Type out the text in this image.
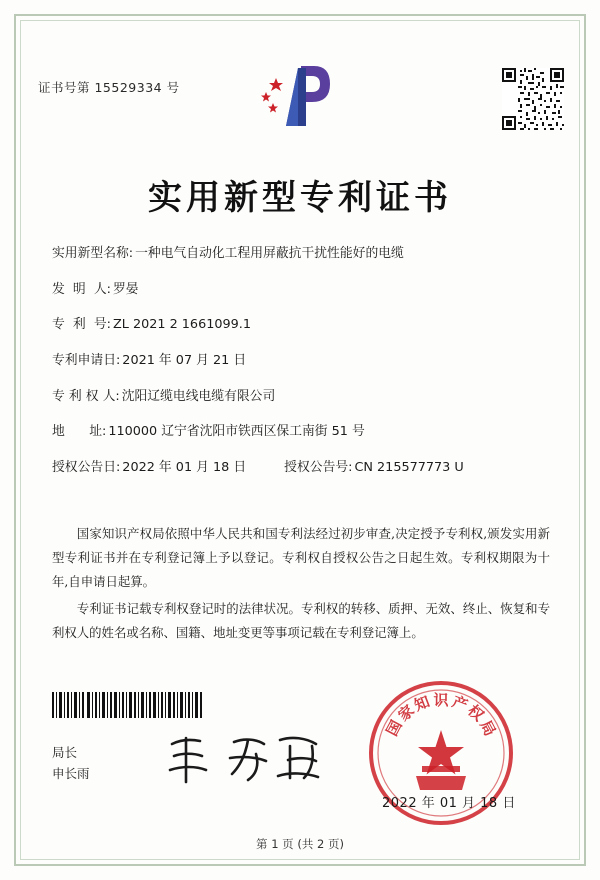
证书号第 15529334 号
实用新型专利证书
实用新型名称: 一种电气自动化工程用屏蔽抗干扰性能好的电缆
发  明  人: 罗晏
专  利  号: ZL 2021 2 1661099.1
专利申请日: 2021 年 07 月 21 日
专 利 权 人: 沈阳辽缆电线电缆有限公司
地      址: 110000 辽宁省沈阳市铁西区保工南街 51 号
授权公告日: 2022 年 01 月 18 日	授权公告号: CN 215577773 U

国家知识产权局依照中华人民共和国专利法经过初步审查,决定授予专利权,颁发实用新型专利证书并在专利登记簿上予以登记。专利权自授权公告之日起生效。专利权期限为十年,自申请日起算。

专利证书记载专利权登记时的法律状况。专利权的转移、质押、无效、终止、恢复和专利权人的姓名或名称、国籍、地址变更等事项记载在专利登记簿上。

局长
申长雨
国
家
知 识 产
权
局
2022 年 01 月 18 日
第 1 页 (共 2 页)
